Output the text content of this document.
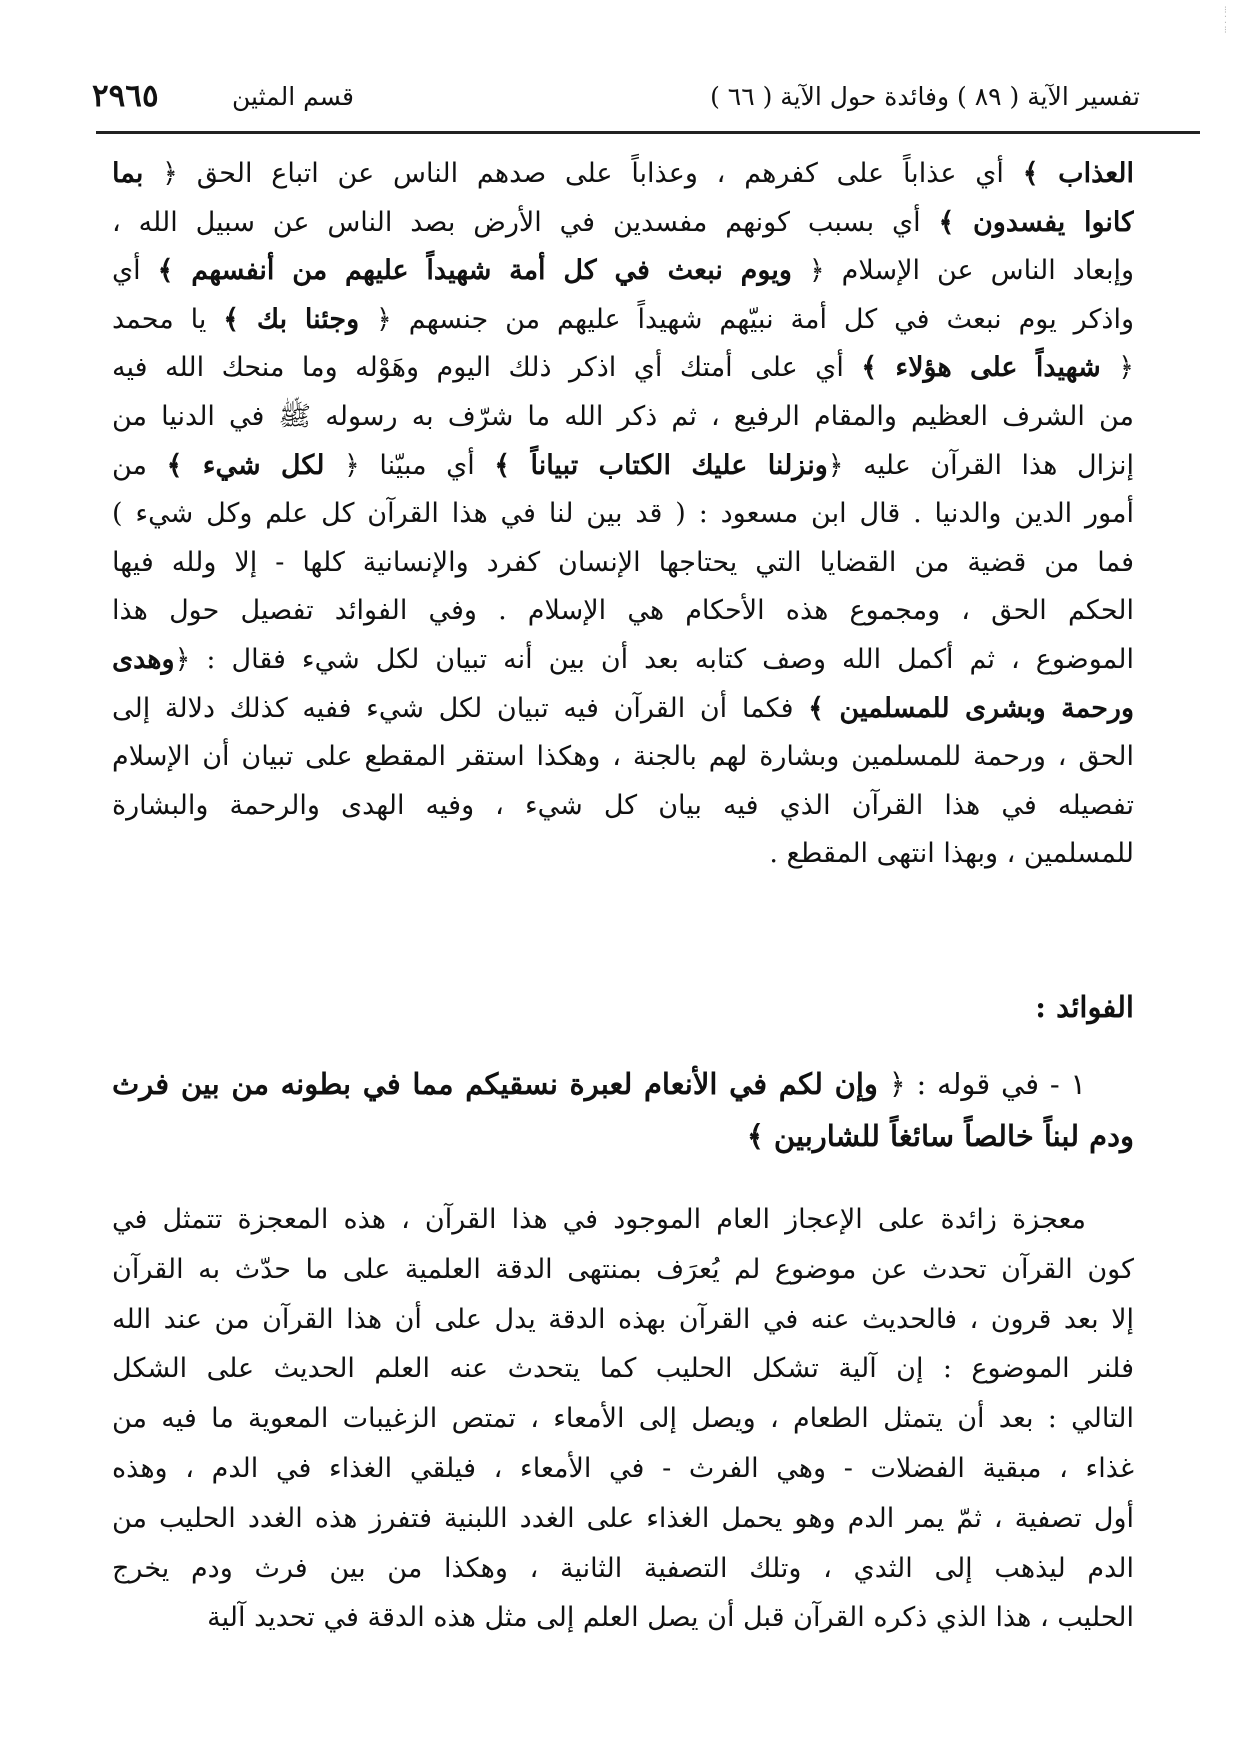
⁝
⁚
⁝
تفسير الآية ( ٨٩ ) وفائدة حول الآية ( ٦٦ )
قسم المثين
٢٩٦٥
العذاب ﴾ أي عذاباً على كفرهم ، وعذاباً على صدهم الناس عن اتباع الحق ﴿ بما
كانوا يفسدون ﴾ أي بسبب كونهم مفسدين في الأرض بصد الناس عن سبيل الله ،
وإبعاد الناس عن الإسلام ﴿ ويوم نبعث في كل أمة شهيداً عليهم من أنفسهم ﴾ أي
واذكر يوم نبعث في كل أمة نبيّهم شهيداً عليهم من جنسهم ﴿ وجئنا بك ﴾ يا محمد
﴿ شهيداً على هؤلاء ﴾ أي على أمتك أي اذكر ذلك اليوم وهَوْله وما منحك الله فيه
من الشرف العظيم والمقام الرفيع ، ثم ذكر الله ما شرّف به رسوله ﷺ في الدنيا من
إنزال هذا القرآن عليه ﴿ونزلنا عليك الكتاب تبياناً ﴾ أي مبيّنا ﴿ لكل شيء ﴾ من
أمور الدين والدنيا . قال ابن مسعود : ( قد بين لنا في هذا القرآن كل علم وكل شيء )
فما من قضية من القضايا التي يحتاجها الإنسان كفرد والإنسانية كلها - إلا ولله فيها
الحكم الحق ، ومجموع هذه الأحكام هي الإسلام . وفي الفوائد تفصيل حول هذا
الموضوع ، ثم أكمل الله وصف كتابه بعد أن بين أنه تبيان لكل شيء فقال : ﴿وهدى
ورحمة وبشرى للمسلمين ﴾ فكما أن القرآن فيه تبيان لكل شيء ففيه كذلك دلالة إلى
الحق ، ورحمة للمسلمين وبشارة لهم بالجنة ، وهكذا استقر المقطع على تبيان أن الإسلام
تفصيله في هذا القرآن الذي فيه بيان كل شيء ، وفيه الهدى والرحمة والبشارة
للمسلمين ، وبهذا انتهى المقطع .
الفوائد :
١ - في قوله : ﴿ وإن لكم في الأنعام لعبرة نسقيكم مما في بطونه من بين فرث
ودم لبناً خالصاً سائغاً للشاربين ﴾
معجزة زائدة على الإعجاز العام الموجود في هذا القرآن ، هذه المعجزة تتمثل في
كون القرآن تحدث عن موضوع لم يُعرَف بمنتهى الدقة العلمية على ما حدّث به القرآن
إلا بعد قرون ، فالحديث عنه في القرآن بهذه الدقة يدل على أن هذا القرآن من عند الله
فلنر الموضوع : إن آلية تشكل الحليب كما يتحدث عنه العلم الحديث على الشكل
التالي : بعد أن يتمثل الطعام ، ويصل إلى الأمعاء ، تمتص الزغيبات المعوية ما فيه من
غذاء ، مبقية الفضلات - وهي الفرث - في الأمعاء ، فيلقي الغذاء في الدم ، وهذه
أول تصفية ، ثمّ يمر الدم وهو يحمل الغذاء على الغدد اللبنية فتفرز هذه الغدد الحليب من
الدم ليذهب إلى الثدي ، وتلك التصفية الثانية ، وهكذا من بين فرث ودم يخرج
الحليب ، هذا الذي ذكره القرآن قبل أن يصل العلم إلى مثل هذه الدقة في تحديد آلية
